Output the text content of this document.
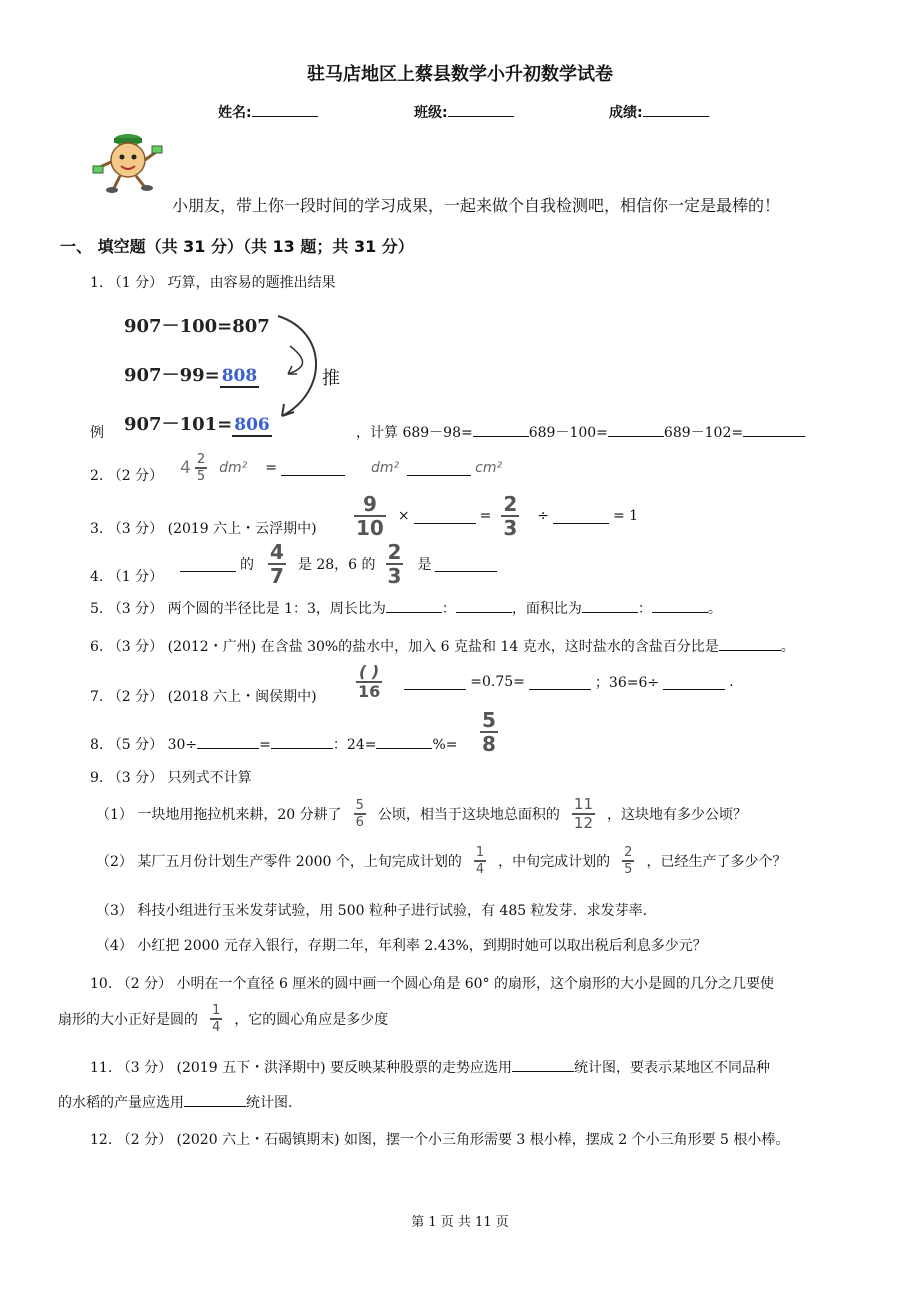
驻马店地区上蔡县数学小升初数学试卷
姓名:	班级:	成绩:
小朋友，带上你一段时间的学习成果，一起来做个自我检测吧，相信你一定是最棒的！
一、 填空题（共 31 分）（共 13 题；共 31 分）
1. （1 分） 巧算，由容易的题推出结果
907－100=807
907－99= 808
907－101= 806
推
例	，计算 689－98=	689－100=	689－102=
2. （2 分） $4 \frac{2}{5} dm^2$ =	dm²	cm²
3. （3 分） (2019 六上・云浮期中) $\frac{9}{10}$ ×	= $\frac{2}{3}$ ÷	= 1
4. （1 分）
的 $\frac{4}{7}$ 是 28，6 的 $\frac{2}{3}$ 是
5. （3 分） 两个圆的半径比是 1：3，周长比为	：	，面积比为	：	。
6. （3 分） (2012・广州) 在含盐 30%的盐水中，加入 6 克盐和 14 克水，这时盐水的含盐百分比是	。
7. （2 分） (2018 六上・闽侯期中) $\frac{( )}{16}$	=0.75=	；36=6÷	.
8. （5 分） 30÷	=	：24=	%= $\frac{5}{8}$
9. （3 分） 只列式不计算
（1） 一块地用拖拉机来耕，20 分耕了 $\frac{5}{6}$ 公顷，相当于这块地总面积的 $\frac{11}{12}$ ，这块地有多少公顷？
（2） 某厂五月份计划生产零件 2000 个，上旬完成计划的 $\frac{1}{4}$ ，中旬完成计划的 $\frac{2}{5}$ ，已经生产了多少个？
（3） 科技小组进行玉米发芽试验，用 500 粒种子进行试验，有 485 粒发芽．求发芽率．
（4） 小红把 2000 元存入银行，存期二年，年利率 2.43%，到期时她可以取出税后利息多少元？
10. （2 分） 小明在一个直径 6 厘米的圆中画一个圆心角是 60° 的扇形，这个扇形的大小是圆的几分之几要使
扇形的大小正好是圆的 $\frac{1}{4}$ ，它的圆心角应是多少度
11. （3 分） (2019 五下・洪泽期中) 要反映某种股票的走势应选用	统计图，要表示某地区不同品种
的水稻的产量应选用	统计图.
12. （2 分） (2020 六上・石碣镇期末) 如图，摆一个小三角形需要 3 根小棒，摆成 2 个小三角形要 5 根小棒。
第 1 页 共 11 页
